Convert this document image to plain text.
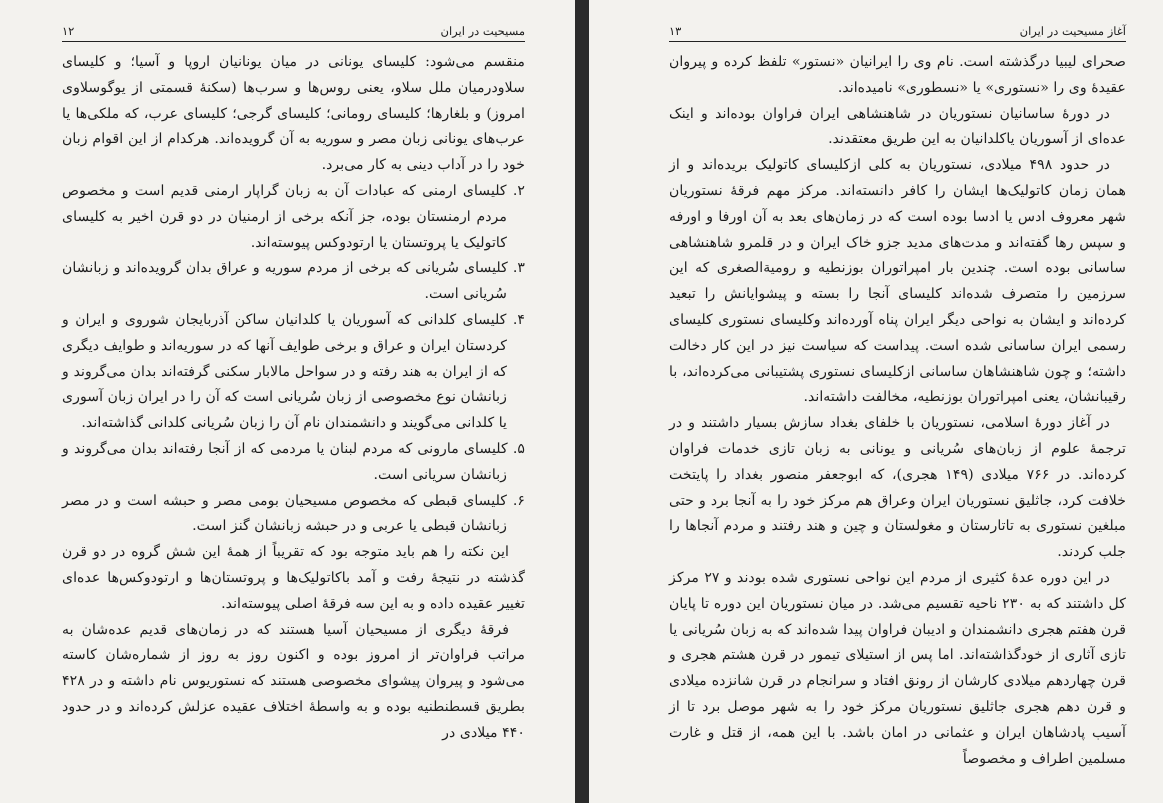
مسیحیت در ایران
۱۲

منقسم می‌شود: کلیسای یونانی در میان یونانیان اروپا و آسیا؛ و کلیسای سلاودرمیان ملل سلاو، یعنی روس‌ها و سرب‌ها (سکنهٔ قسمتی از یوگوسلاوی امروز) و بلغارها؛ کلیسای رومانی؛ کلیسای گرجی؛ کلیسای عرب، که ملکی‌ها یا عرب‌های یونانی زبان مصر و سوریه به آن گرویده‌اند. هرکدام از این اقوام زبان خود را در آداب دینی به کار می‌برد.

۲. کلیسای ارمنی که عبادات آن به زبان گراپار ارمنی قدیم است و مخصوص مردم ارمنستان بوده، جز آنکه برخی از ارمنیان در دو قرن اخیر به کلیسای کاتولیک یا پروتستان یا ارتودوکس پیوسته‌اند.

۳. کلیسای سُریانی که برخی از مردم سوریه و عراق بدان گرویده‌اند و زبانشان سُریانی است.

۴. کلیسای کلدانی که آسوریان یا کلدانیان ساکن آذربایجان شوروی و ایران و کردستان ایران و عراق و برخی طوایف آنها که در سوریه‌اند و طوایف دیگری که از ایران به هند رفته و در سواحل مالابار سکنی گرفته‌اند بدان می‌گروند و زبانشان نوع مخصوصی از زبان سُریانی است که آن را در ایران زبان آسوری یا کلدانی می‌گویند و دانشمندان نام آن را زبان سُریانی کلدانی گذاشته‌اند.

۵. کلیسای مارونی که مردم لبنان یا مردمی که از آنجا رفته‌اند بدان می‌گروند و زبانشان سریانی است.

۶. کلیسای قبطی که مخصوص مسیحیان بومی مصر و حبشه است و در مصر زبانشان قبطی یا عربی و در حبشه زبانشان گنز است.

این نکته را هم باید متوجه بود که تقریباً از همهٔ این شش گروه در دو قرن گذشته در نتیجهٔ رفت و آمد باکاتولیک‌ها و پروتستان‌ها و ارتودوکس‌ها عده‌ای تغییر عقیده داده و به این سه فرقهٔ اصلی پیوسته‌اند.

فرقهٔ دیگری از مسیحیان آسیا هستند که در زمان‌های قدیم عده‌شان به مراتب فراوان‌تر از امروز بوده و اکنون روز به روز از شماره‌شان کاسته می‌شود و پیروان پیشوای مخصوصی هستند که نستوریوس نام داشته و در ۴۲۸ بطریق قسطنطنیه بوده و به واسطهٔ اختلاف عقیده عزلش کرده‌اند و در حدود ۴۴۰ میلادی در

آغاز مسیحیت در ایران
۱۳

صحرای لیبیا درگذشته است. نام وی را ایرانیان «نستور» تلفظ کرده و پیروان عقیدهٔ وی را «نستوری» یا «نسطوری» نامیده‌اند.

در دورهٔ ساسانیان نستوریان در شاهنشاهی ایران فراوان بوده‌اند و اینک عده‌ای از آسوریان یاکلدانیان به این طریق معتقدند.

در حدود ۴۹۸ میلادی، نستوریان به کلی ازکلیسای کاتولیک بریده‌اند و از همان زمان کاتولیک‌ها ایشان را کافر دانسته‌اند. مرکز مهم فرقهٔ نستوریان شهر معروف ادس یا ادسا بوده است که در زمان‌های بعد به آن اورفا و اورفه و سپس رها گفته‌اند و مدت‌های مدید جزو خاک ایران و در قلمرو شاهنشاهی ساسانی بوده است. چندین بار امپراتوران بوزنطیه و رومیةالصغری که این سرزمین را متصرف شده‌اند کلیسای آنجا را بسته و پیشوایانش را تبعید کرده‌اند و ایشان به نواحی دیگر ایران پناه آورده‌اند وکلیسای نستوری کلیسای رسمی ایران ساسانی شده است. پیداست که سیاست نیز در این کار دخالت داشته؛ و چون شاهنشاهان ساسانی ازکلیسای نستوری پشتیبانی می‌کرده‌اند، با رقیبانشان، یعنی امپراتوران بوزنطیه، مخالفت داشته‌اند.

در آغاز دورهٔ اسلامی، نستوریان با خلفای بغداد سازش بسیار داشتند و در ترجمهٔ علوم از زبان‌های سُریانی و یونانی به زبان تازی خدمات فراوان کرده‌اند. در ۷۶۶ میلادی (۱۴۹ هجری)، که ابوجعفر منصور بغداد را پایتخت خلافت کرد، جاثلیق نستوریان ایران وعراق هم مرکز خود را به آنجا برد و حتی مبلغین نستوری به تاتارستان و مغولستان و چین و هند رفتند و مردم آنجاها را جلب کردند.

در این دوره عدهٔ کثیری از مردم این نواحی نستوری شده بودند و ۲۷ مرکز کل داشتند که به ۲۳۰ ناحیه تقسیم می‌شد. در میان نستوریان این دوره تا پایان قرن هفتم هجری دانشمندان و ادیبان فراوان پیدا شده‌اند که به زبان سُریانی یا تازی آثاری از خودگذاشته‌اند. اما پس از استیلای تیمور در قرن هشتم هجری و قرن چهاردهم میلادی کارشان از رونق افتاد و سرانجام در قرن شانزده میلادی و قرن دهم هجری جاثلیق نستوریان مرکز خود را به شهر موصل برد تا از آسیب پادشاهان ایران و عثمانی در امان باشد. با این همه، از قتل و غارت مسلمین اطراف و مخصوصاً
